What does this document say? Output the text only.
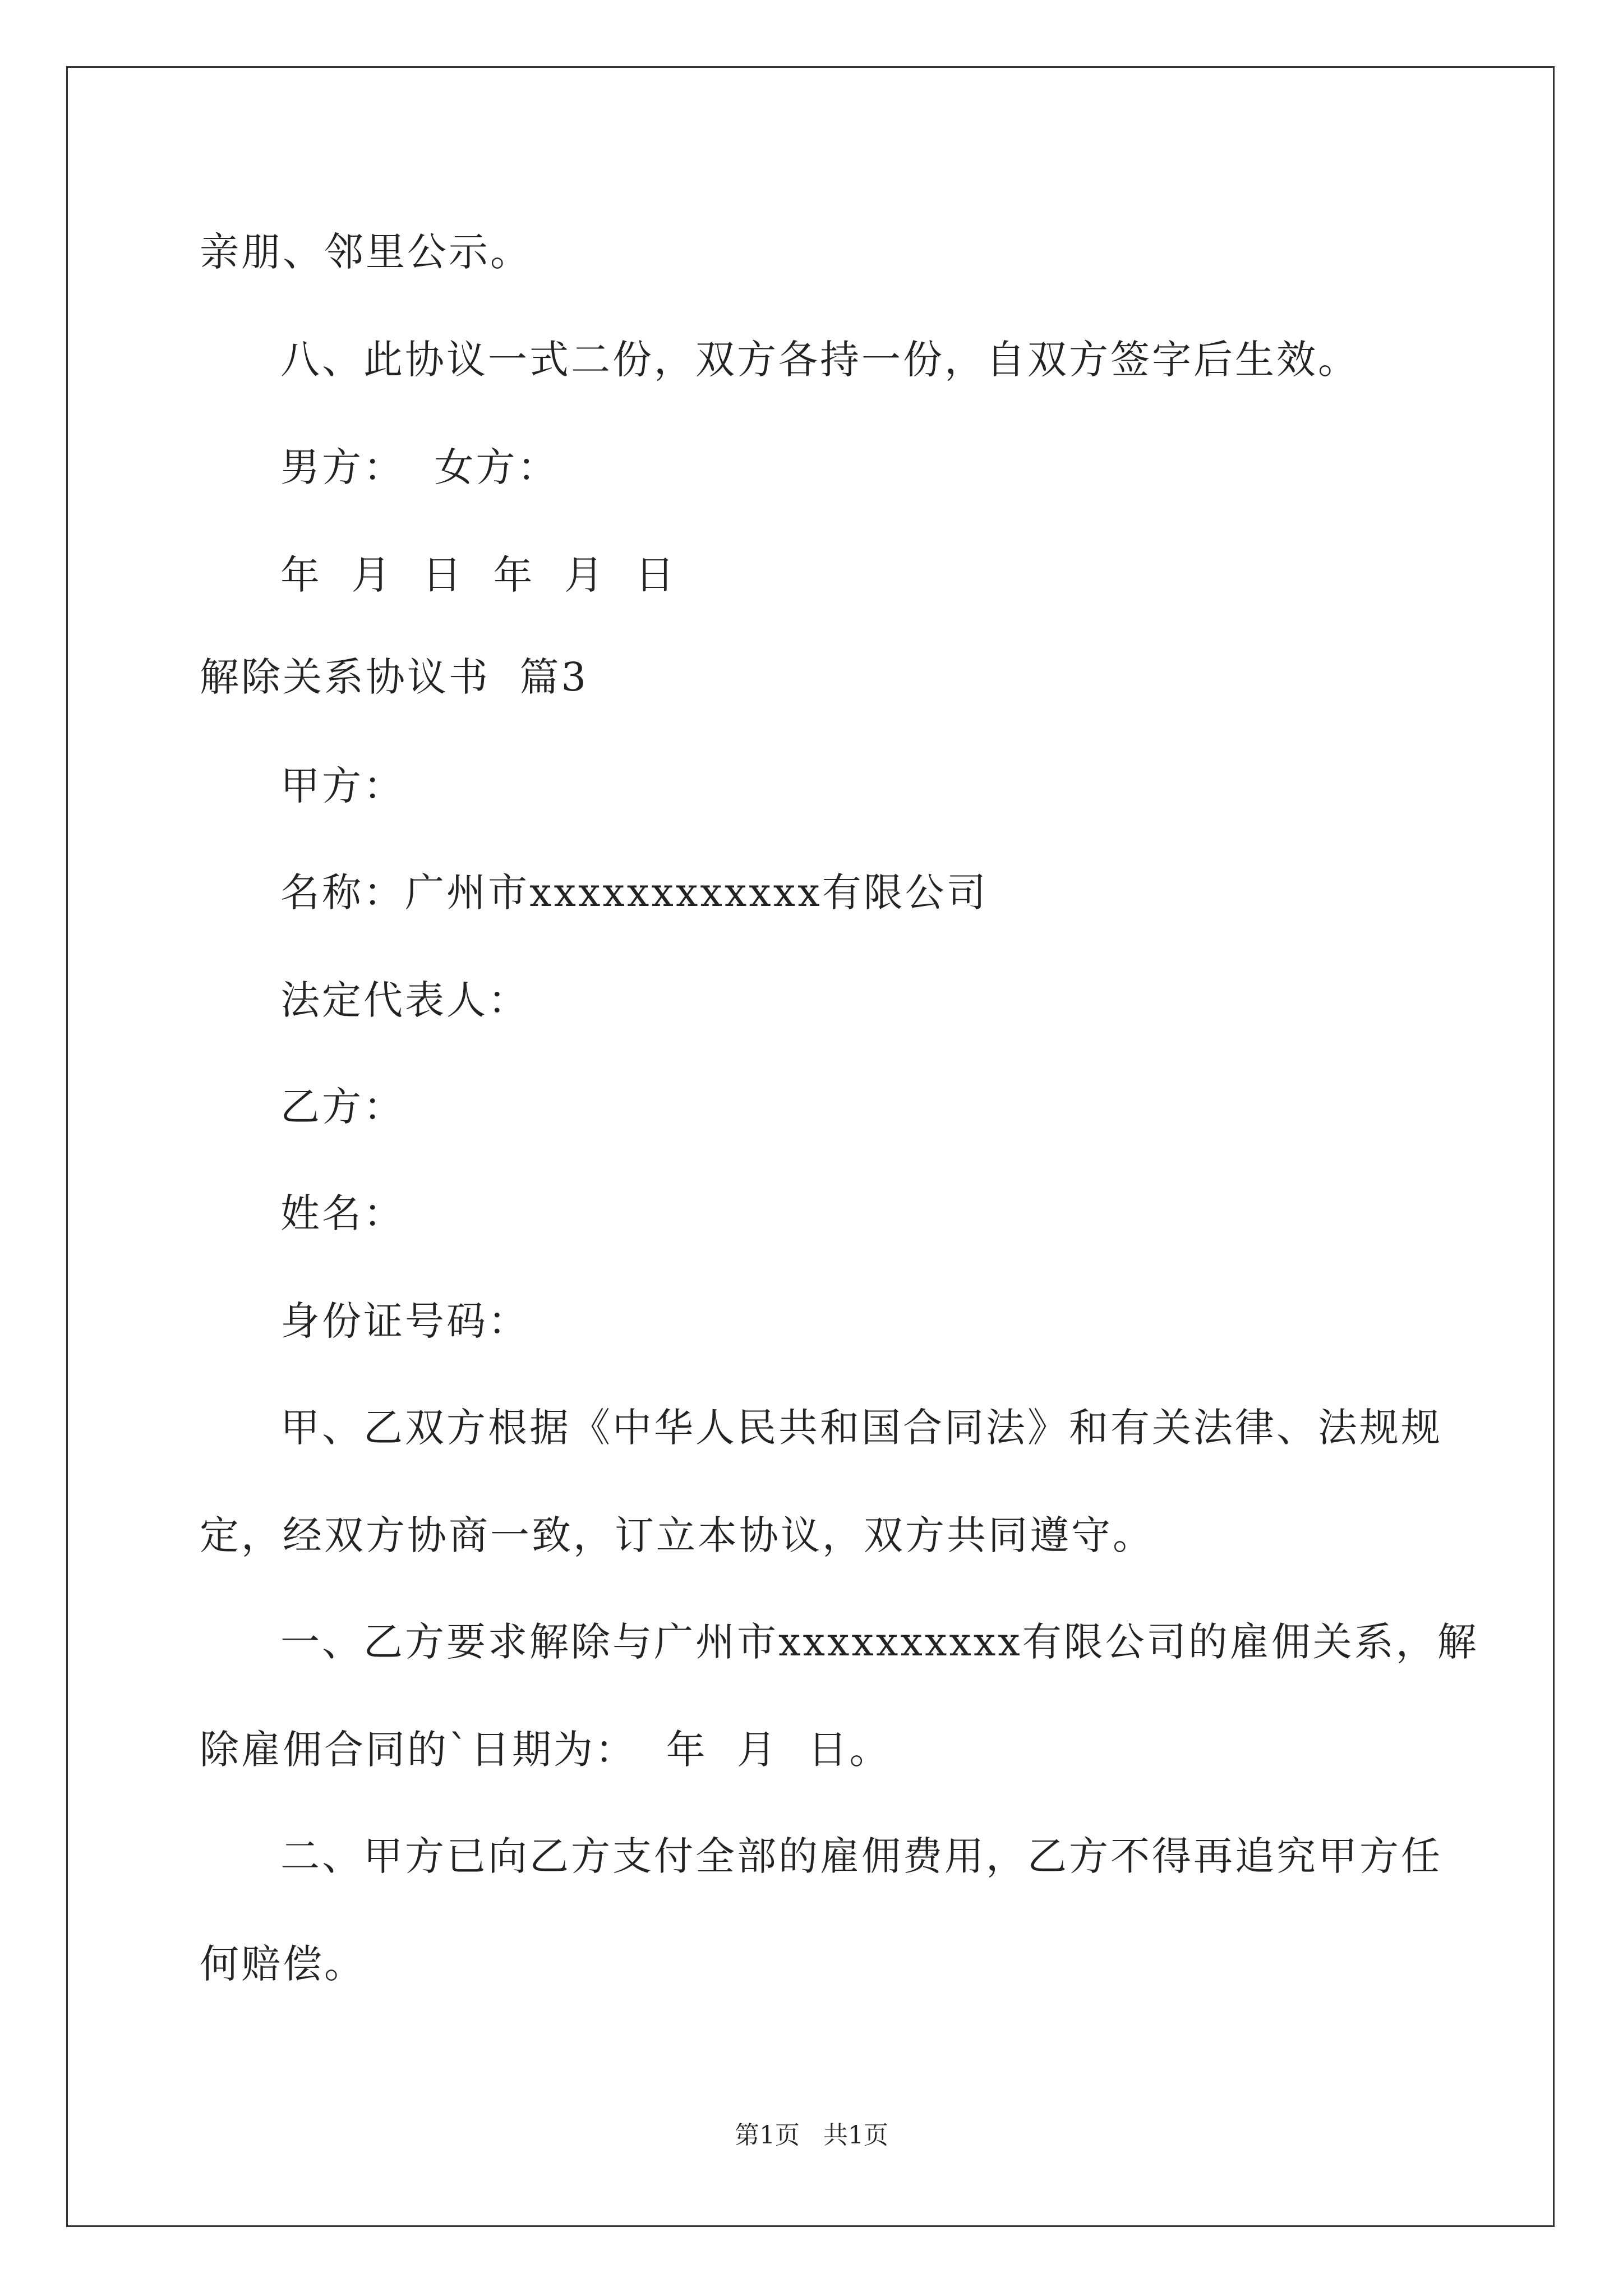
亲朋、邻里公示。
八、此协议一式二份，双方各持一份，自双方签字后生效。
男方：  女方：
年  月  日  年  月  日
解除关系协议书  篇3
甲方：
名称：广州市xxxxxxxxxxxx有限公司
法定代表人：
乙方：
姓名：
身份证号码：
甲、乙双方根据《中华人民共和国合同法》和有关法律、法规规
定，经双方协商一致，订立本协议，双方共同遵守。
一、乙方要求解除与广州市xxxxxxxxxx有限公司的雇佣关系，解
除雇佣合同的`日期为：  年  月  日。
二、甲方已向乙方支付全部的雇佣费用，乙方不得再追究甲方任
何赔偿。
第1页   共1页
